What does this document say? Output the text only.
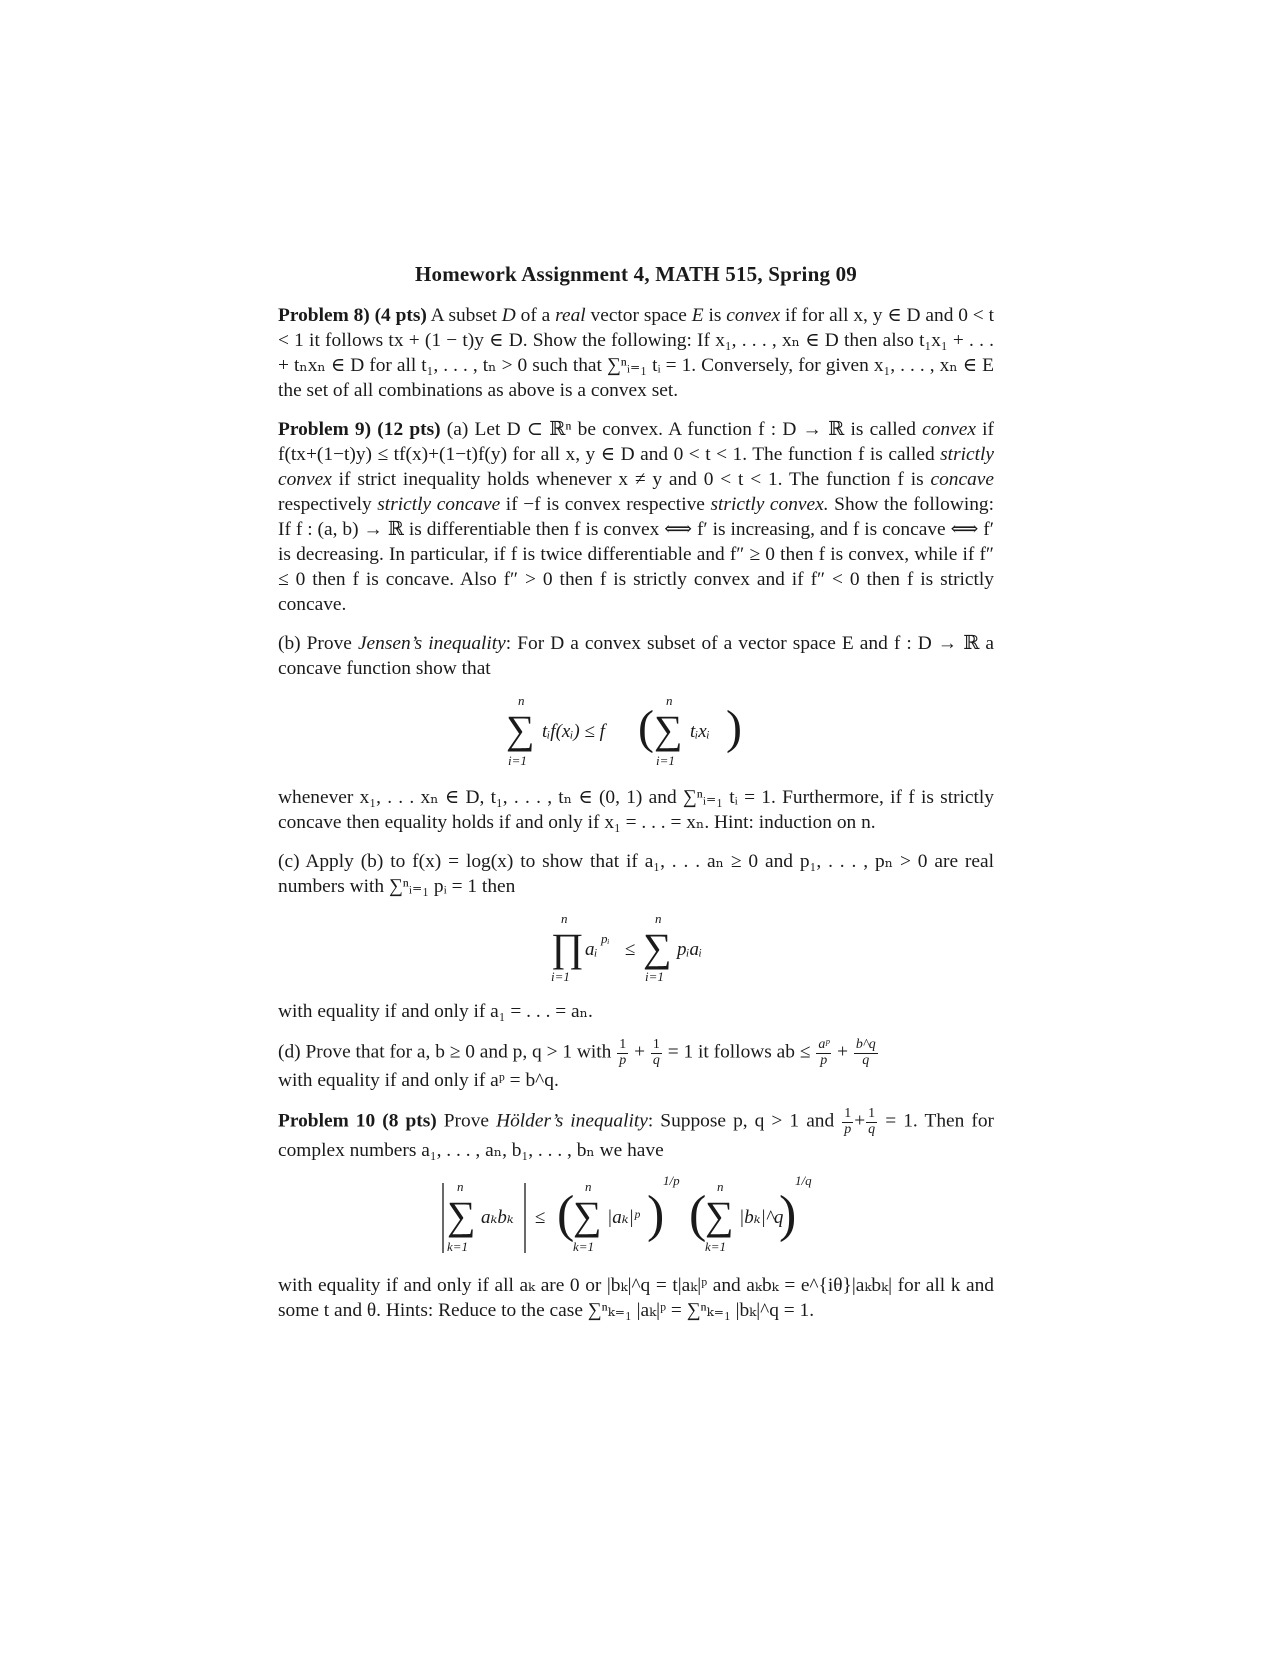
Homework Assignment 4, MATH 515, Spring 09

Problem 8) (4 pts) A subset D of a real vector space E is convex if for all x, y ∈ D and 0 < t < 1 it follows tx + (1 − t)y ∈ D. Show the following: If x₁, . . . , xₙ ∈ D then also t₁x₁ + . . . + tₙxₙ ∈ D for all t₁, . . . , tₙ > 0 such that ∑ⁿᵢ₌₁ tᵢ = 1. Conversely, for given x₁, . . . , xₙ ∈ E the set of all combinations as above is a convex set.

Problem 9) (12 pts) (a) Let D ⊂ ℝⁿ be convex. A function f : D → ℝ is called convex if f(tx+(1−t)y) ≤ tf(x)+(1−t)f(y) for all x, y ∈ D and 0 < t < 1. The function f is called strictly convex if strict inequality holds whenever x ≠ y and 0 < t < 1. The function f is concave respectively strictly concave if −f is convex respective strictly convex. Show the following: If f : (a, b) → ℝ is differentiable then f is convex ⟺ f′ is increasing, and f is concave ⟺ f′ is decreasing. In particular, if f is twice differentiable and f″ ≥ 0 then f is convex, while if f″ ≤ 0 then f is concave. Also f″ > 0 then f is strictly convex and if f″ < 0 then f is strictly concave.

(b) Prove Jensen’s inequality: For D a convex subset of a vector space E and f : D → ℝ a concave function show that

n
∑
i=1
tᵢf(xᵢ) ≤ f (
n
∑
i=1
tᵢxᵢ )

whenever x₁, . . . xₙ ∈ D, t₁, . . . , tₙ ∈ (0, 1) and ∑ⁿᵢ₌₁ tᵢ = 1. Furthermore, if f is strictly concave then equality holds if and only if x₁ = . . . = xₙ. Hint: induction on n.

(c) Apply (b) to f(x) = log(x) to show that if a₁, . . . aₙ ≥ 0 and p₁, . . . , pₙ > 0 are real numbers with ∑ⁿᵢ₌₁ pᵢ = 1 then

n
∏
i=1
aᵢ
pᵢ
≤
n
∑
i=1
pᵢaᵢ

with equality if and only if a₁ = . . . = aₙ.

(d) Prove that for a, b ≥ 0 and p, q > 1 with $\frac{1}{p} + \frac{1}{q} = 1$ it follows ab ≤ $\frac{\text{aᵖ}}{p} + \frac{b\^{}q}{q}$

with equality if and only if aᵖ = b^q.

Problem 10 (8 pts) Prove Hölder’s inequality: Suppose p, q > 1 and $\frac{1}{p} + \frac{1}{q} = 1$. Then for complex numbers a₁, . . . , aₙ, b₁, . . . , bₙ we have

n
∑
k=1
aₖbₖ ≤ ( n
∑
k=1
|aₖ|ᵖ )
1/p
( n
∑
k=1
|bₖ|^q
)
1/q

with equality if and only if all aₖ are 0 or |bₖ|^q = t|aₖ|ᵖ and aₖbₖ = e^{iθ}|aₖbₖ| for all k and some t and θ. Hints: Reduce to the case ∑ⁿₖ₌₁ |aₖ|ᵖ = ∑ⁿₖ₌₁ |bₖ|^q = 1.
